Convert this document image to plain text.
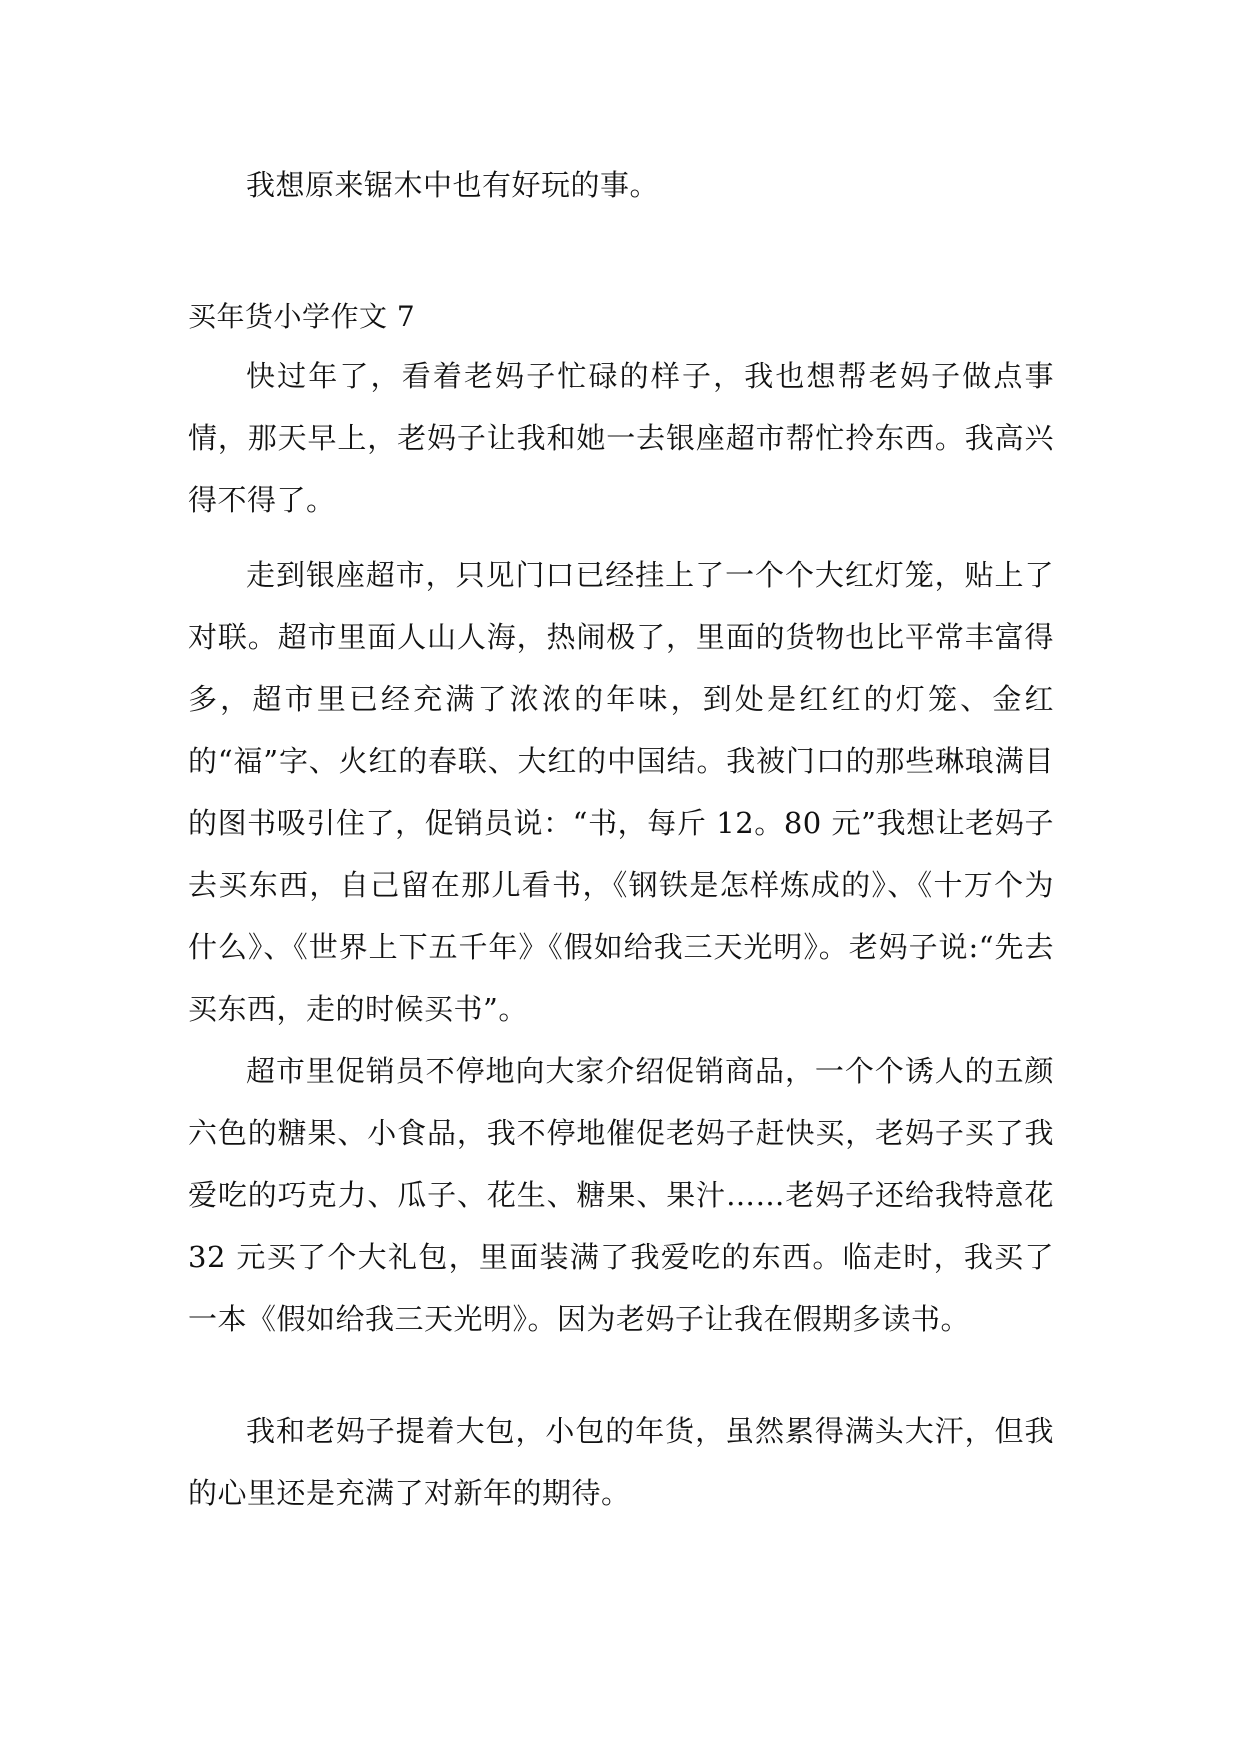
我想原来锯木中也有好玩的事。

买年货小学作文 7

快过年了，看着老妈子忙碌的样子，我也想帮老妈子做点事情，那天早上，老妈子让我和她一去银座超市帮忙拎东西。我高兴得不得了。

走到银座超市，只见门口已经挂上了一个个大红灯笼，贴上了对联。超市里面人山人海，热闹极了，里面的货物也比平常丰富得多，超市里已经充满了浓浓的年味，到处是红红的灯笼、金红的“福”字、火红的春联、大红的中国结。我被门口的那些琳琅满目的图书吸引住了，促销员说：“书，每斤 12。80 元”我想让老妈子去买东西，自己留在那儿看书，《钢铁是怎样炼成的》、《十万个为什么》、《世界上下五千年》《假如给我三天光明》。老妈子说:“先去买东西，走的时候买书”。

超市里促销员不停地向大家介绍促销商品，一个个诱人的五颜六色的糖果、小食品，我不停地催促老妈子赶快买，老妈子买了我爱吃的巧克力、瓜子、花生、糖果、果汁……老妈子还给我特意花 32 元买了个大礼包，里面装满了我爱吃的东西。临走时，我买了一本《假如给我三天光明》。因为老妈子让我在假期多读书。

我和老妈子提着大包，小包的年货，虽然累得满头大汗，但我的心里还是充满了对新年的期待。
